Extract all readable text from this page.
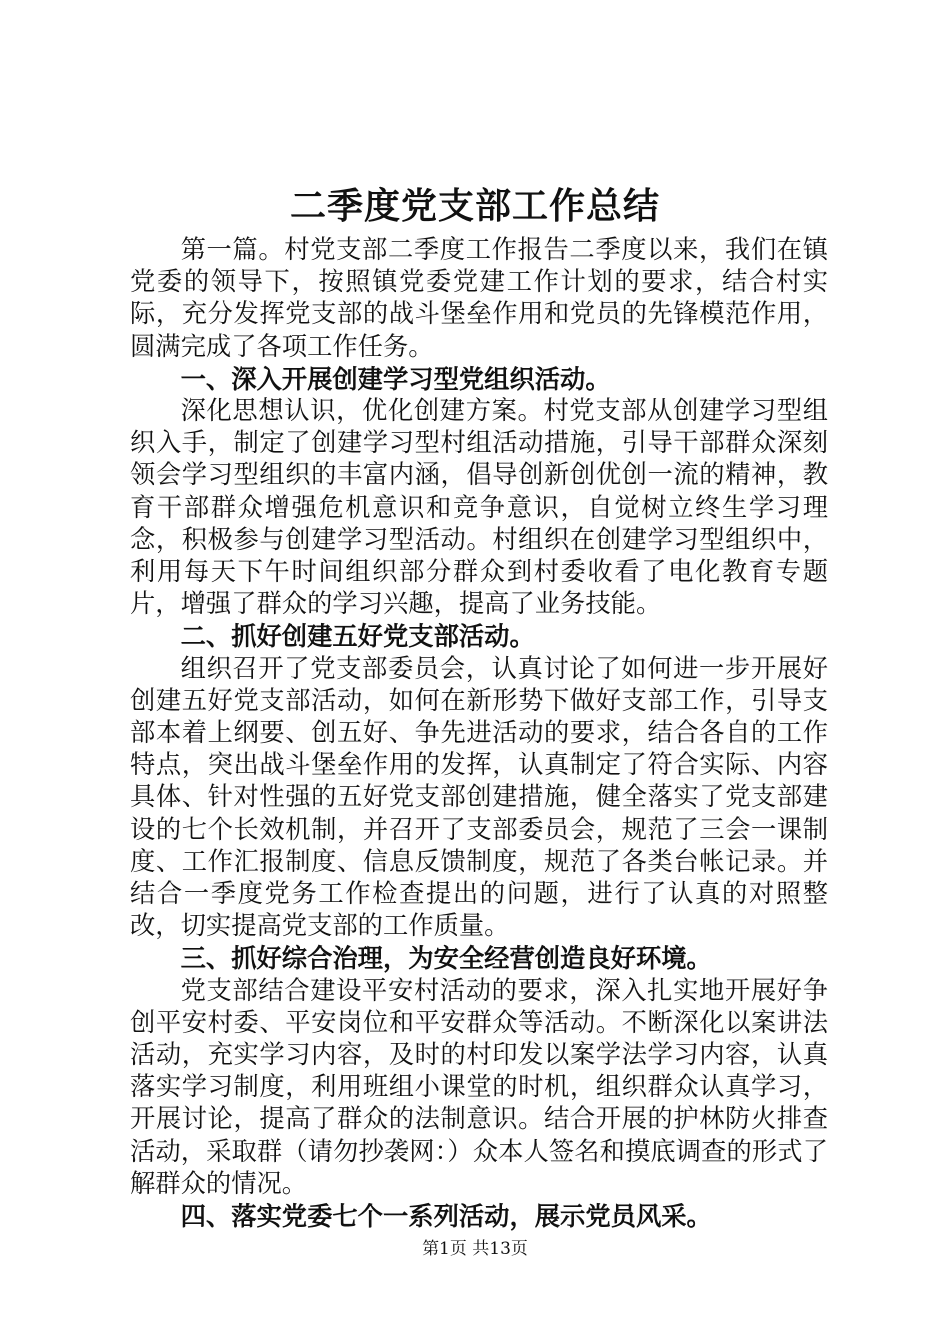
二季度党支部工作总结

第一篇。村党支部二季度工作报告二季度以来，我们在镇党委的领导下，按照镇党委党建工作计划的要求，结合村实际，充分发挥党支部的战斗堡垒作用和党员的先锋模范作用，圆满完成了各项工作任务。

一、深入开展创建学习型党组织活动。

深化思想认识，优化创建方案。村党支部从创建学习型组织入手，制定了创建学习型村组活动措施，引导干部群众深刻领会学习型组织的丰富内涵，倡导创新创优创一流的精神，教育干部群众增强危机意识和竞争意识，自觉树立终生学习理念，积极参与创建学习型活动。村组织在创建学习型组织中，利用每天下午时间组织部分群众到村委收看了电化教育专题片，增强了群众的学习兴趣，提高了业务技能。

二、抓好创建五好党支部活动。

组织召开了党支部委员会，认真讨论了如何进一步开展好创建五好党支部活动，如何在新形势下做好支部工作，引导支部本着上纲要、创五好、争先进活动的要求，结合各自的工作特点，突出战斗堡垒作用的发挥，认真制定了符合实际、内容具体、针对性强的五好党支部创建措施，健全落实了党支部建设的七个长效机制，并召开了支部委员会，规范了三会一课制度、工作汇报制度、信息反馈制度，规范了各类台帐记录。并结合一季度党务工作检查提出的问题，进行了认真的对照整改，切实提高党支部的工作质量。

三、抓好综合治理，为安全经营创造良好环境。

党支部结合建设平安村活动的要求，深入扎实地开展好争创平安村委、平安岗位和平安群众等活动。不断深化以案讲法活动，充实学习内容，及时的村印发以案学法学习内容，认真落实学习制度，利用班组小课堂的时机，组织群众认真学习，开展讨论，提高了群众的法制意识。结合开展的护林防火排查活动，采取群（请勿抄袭网：）众本人签名和摸底调查的形式了解群众的情况。

四、落实党委七个一系列活动，展示党员风采。

第1页 共13页
